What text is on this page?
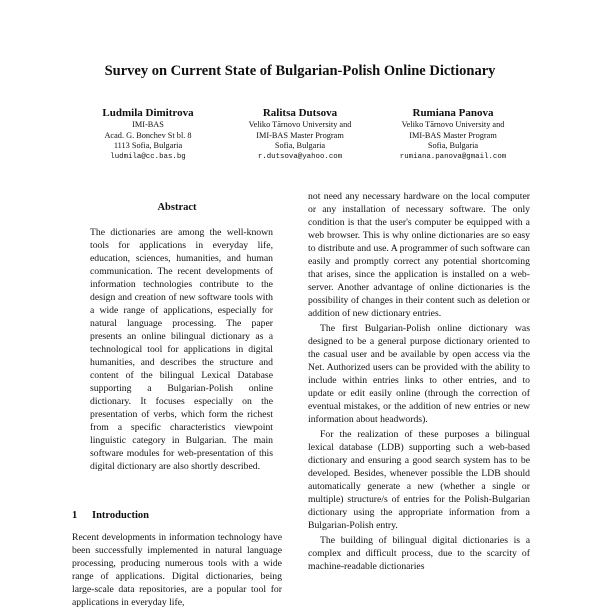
Survey on Current State of Bulgarian-Polish Online Dictionary
Ludmila Dimitrova
IMI-BAS
Acad. G. Bonchev St bl. 8
1113 Sofia, Bulgaria
ludmila@cc.bas.bg
Ralitsa Dutsova
Veliko Tārnovo University and
IMI-BAS Master Program
Sofia, Bulgaria
r.dutsova@yahoo.com
Rumiana Panova
Veliko Tārnovo University and
IMI-BAS Master Program
Sofia, Bulgaria
rumiana.panova@gmail.com
Abstract
The dictionaries are among the well-known tools for applications in everyday life, education, sciences, humanities, and human communication. The recent developments of information technologies contribute to the design and creation of new software tools with a wide range of applications, especially for natural language processing. The paper presents an online bilingual dictionary as a technological tool for applications in digital humanities, and describes the structure and content of the bilingual Lexical Database supporting a Bulgarian-Polish online dictionary. It focuses especially on the presentation of verbs, which form the richest from a specific characteristics viewpoint linguistic category in Bulgarian. The main software modules for web-presentation of this digital dictionary are also shortly described.
1 Introduction
Recent developments in information technology have been successfully implemented in natural language processing, producing numerous tools with a wide range of applications. Digital dictionaries, being large-scale data repositories, are a popular tool for applications in everyday life,

not need any necessary hardware on the local computer or any installation of necessary software. The only condition is that the user's computer be equipped with a web browser. This is why online dictionaries are so easy to distribute and use. A programmer of such software can easily and promptly correct any potential shortcoming that arises, since the application is installed on a web-server. Another advantage of online dictionaries is the possibility of changes in their content such as deletion or addition of new dictionary entries.

The first Bulgarian-Polish online dictionary was designed to be a general purpose dictionary oriented to the casual user and be available by open access via the Net. Authorized users can be provided with the ability to include within entries links to other entries, and to update or edit easily online (through the correction of eventual mistakes, or the addition of new entries or new information about headwords).

For the realization of these purposes a bilingual lexical database (LDB) supporting such a web-based dictionary and ensuring a good search system has to be developed. Besides, whenever possible the LDB should automatically generate a new (whether a single or multiple) structure/s of entries for the Polish-Bulgarian dictionary using the appropriate information from a Bulgarian-Polish entry.

The building of bilingual digital dictionaries is a complex and difficult process, due to the scarcity of machine-readable dictionaries
